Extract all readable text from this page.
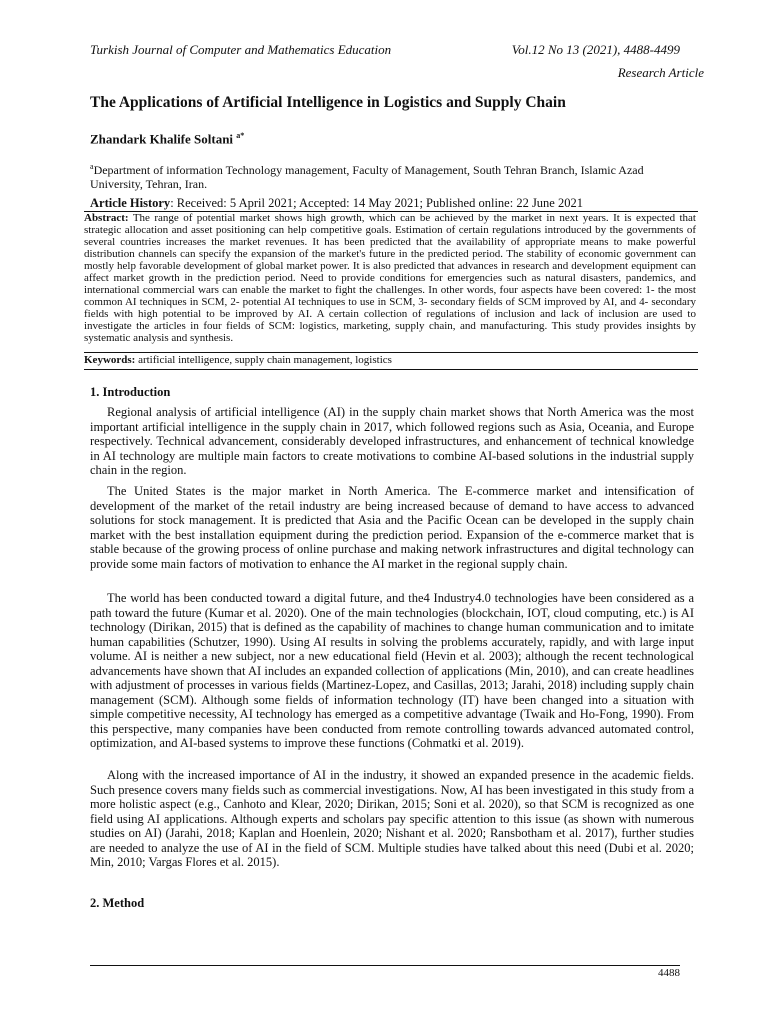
Turkish Journal of Computer and Mathematics Education	Vol.12 No 13 (2021), 4488-4499
Research Article
The Applications of Artificial Intelligence in Logistics and Supply Chain
Zhandark Khalife Soltani $^{a*}$
$^a$Department of information Technology management, Faculty of Management, South Tehran Branch, Islamic Azad University, Tehran, Iran.
Article History: Received: 5 April 2021; Accepted: 14 May 2021; Published online: 22 June 2021
Abstract: The range of potential market shows high growth, which can be achieved by the market in next years. It is expected that strategic allocation and asset positioning can help competitive goals. Estimation of certain regulations introduced by the governments of several countries increases the market revenues. It has been predicted that the availability of appropriate means to make powerful distribution channels can specify the expansion of the market's future in the predicted period. The stability of economic government can mostly help favorable development of global market power. It is also predicted that advances in research and development equipment can affect market growth in the prediction period. Need to provide conditions for emergencies such as natural disasters, pandemics, and international commercial wars can enable the market to fight the challenges. In other words, four aspects have been covered: 1- the most common AI techniques in SCM, 2- potential AI techniques to use in SCM, 3- secondary fields of SCM improved by AI, and 4- secondary fields with high potential to be improved by AI. A certain collection of regulations of inclusion and lack of inclusion are used to investigate the articles in four fields of SCM: logistics, marketing, supply chain, and manufacturing. This study provides insights by systematic analysis and synthesis.
Keywords: artificial intelligence, supply chain management, logistics
1. Introduction

Regional analysis of artificial intelligence (AI) in the supply chain market shows that North America was the most important artificial intelligence in the supply chain in 2017, which followed regions such as Asia, Oceania, and Europe respectively. Technical advancement, considerably developed infrastructures, and enhancement of technical knowledge in AI technology are multiple main factors to create motivations to combine AI-based solutions in the industrial supply chain in the region.

The United States is the major market in North America. The E-commerce market and intensification of development of the market of the retail industry are being increased because of demand to have access to advanced solutions for stock management. It is predicted that Asia and the Pacific Ocean can be developed in the supply chain market with the best installation equipment during the prediction period. Expansion of the e-commerce market that is stable because of the growing process of online purchase and making network infrastructures and digital technology can provide some main factors of motivation to enhance the AI market in the regional supply chain.

The world has been conducted toward a digital future, and the4 Industry4.0 technologies have been considered as a path toward the future (Kumar et al. 2020). One of the main technologies (blockchain, IOT, cloud computing, etc.) is AI technology (Dirikan, 2015) that is defined as the capability of machines to change human communication and to imitate human capabilities (Schutzer, 1990). Using AI results in solving the problems accurately, rapidly, and with large input volume. AI is neither a new subject, nor a new educational field (Hevin et al. 2003); although the recent technological advancements have shown that AI includes an expanded collection of applications (Min, 2010), and can create headlines with adjustment of processes in various fields (Martinez-Lopez, and Casillas, 2013; Jarahi, 2018) including supply chain management (SCM). Although some fields of information technology (IT) have been changed into a situation with simple competitive necessity, AI technology has emerged as a competitive advantage (Twaik and Ho-Fong, 1990). From this perspective, many companies have been conducted from remote controlling towards advanced automated control, optimization, and AI-based systems to improve these functions (Cohmatki et al. 2019).

Along with the increased importance of AI in the industry, it showed an expanded presence in the academic fields. Such presence covers many fields such as commercial investigations. Now, AI has been investigated in this study from a more holistic aspect (e.g., Canhoto and Klear, 2020; Dirikan, 2015; Soni et al. 2020), so that SCM is recognized as one field using AI applications. Although experts and scholars pay specific attention to this issue (as shown with numerous studies on AI) (Jarahi, 2018; Kaplan and Hoenlein, 2020; Nishant et al. 2020; Ransbotham et al. 2017), further studies are needed to analyze the use of AI in the field of SCM. Multiple studies have talked about this need (Dubi et al. 2020; Min, 2010; Vargas Flores et al. 2015).

2. Method
4488
